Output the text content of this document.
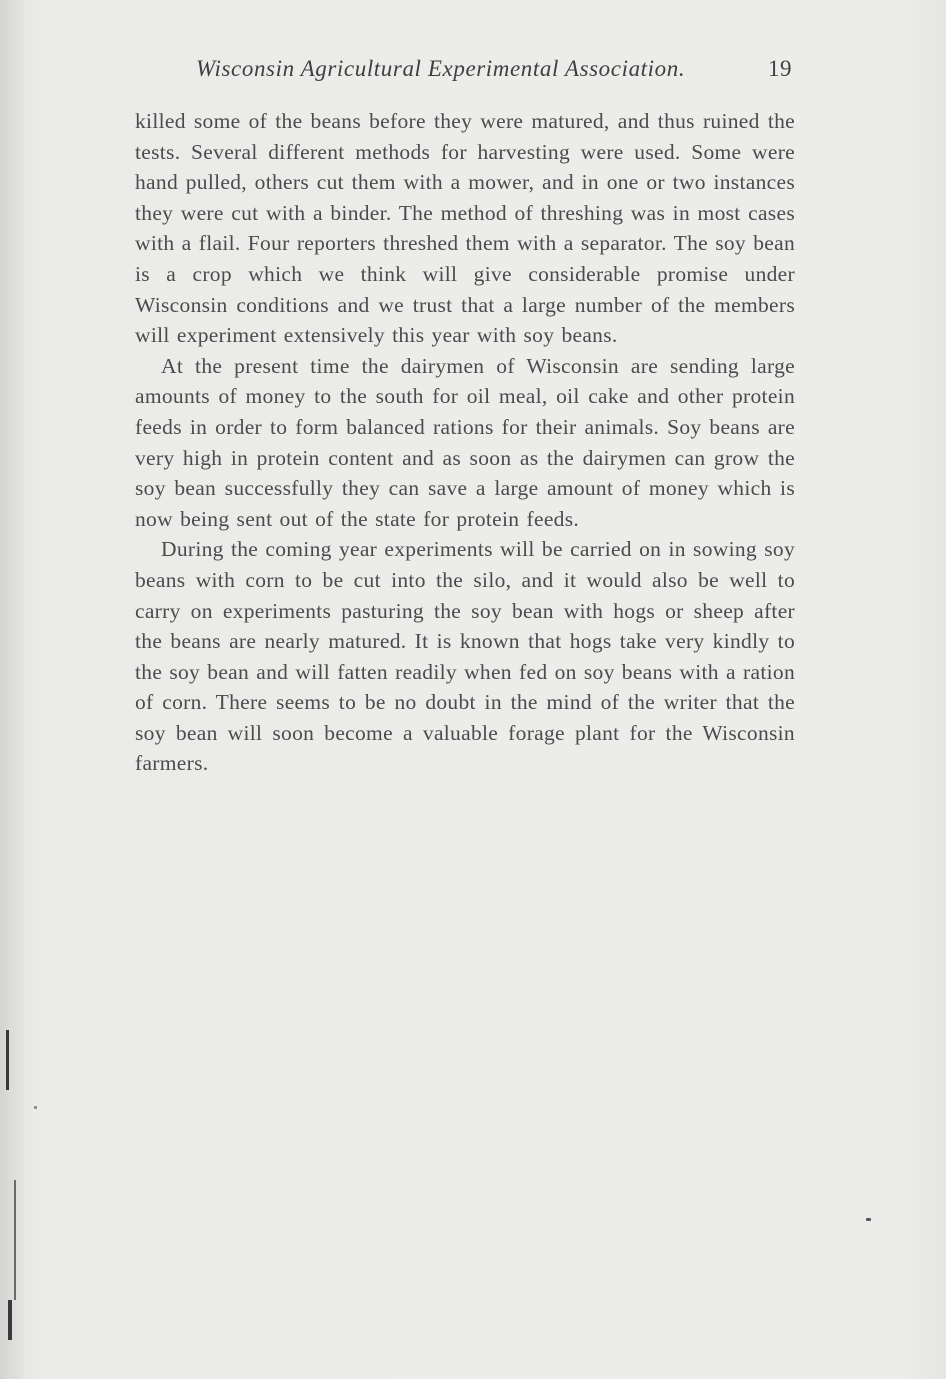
Wisconsin Agricultural Experimental Association.	19

killed some of the beans before they were matured, and thus ruined the tests. Several different methods for harvesting were used. Some were hand pulled, others cut them with a mower, and in one or two instances they were cut with a binder. The method of threshing was in most cases with a flail. Four reporters threshed them with a separator. The soy bean is a crop which we think will give considerable promise under Wisconsin conditions and we trust that a large number of the members will experiment extensively this year with soy beans.

At the present time the dairymen of Wisconsin are sending large amounts of money to the south for oil meal, oil cake and other protein feeds in order to form balanced rations for their animals. Soy beans are very high in protein content and as soon as the dairymen can grow the soy bean successfully they can save a large amount of money which is now being sent out of the state for protein feeds.

During the coming year experiments will be carried on in sowing soy beans with corn to be cut into the silo, and it would also be well to carry on experiments pasturing the soy bean with hogs or sheep after the beans are nearly matured. It is known that hogs take very kindly to the soy bean and will fatten readily when fed on soy beans with a ration of corn. There seems to be no doubt in the mind of the writer that the soy bean will soon become a valuable forage plant for the Wisconsin farmers.
